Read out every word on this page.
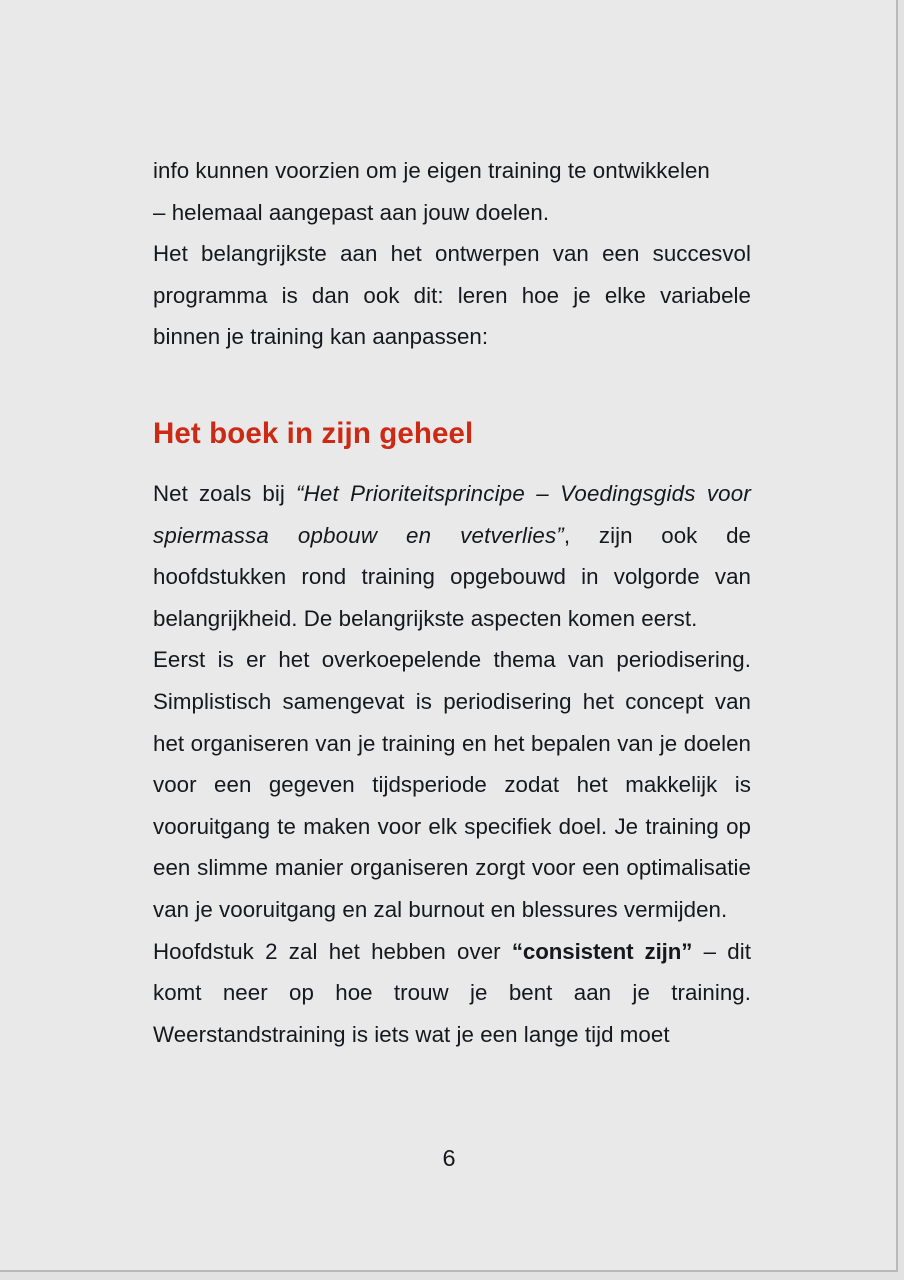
info kunnen voorzien om je eigen training te ontwikkelen
– helemaal aangepast aan jouw doelen.

Het belangrijkste aan het ontwerpen van een succesvol programma is dan ook dit: leren hoe je elke variabele binnen je training kan aanpassen:

Het boek in zijn geheel

Net zoals bij “Het Prioriteitsprincipe – Voedingsgids voor spiermassa opbouw en vetverlies”, zijn ook de hoofdstukken rond training opgebouwd in volgorde van belangrijkheid. De belangrijkste aspecten komen eerst.

Eerst is er het overkoepelende thema van periodisering. Simplistisch samengevat is periodisering het concept van het organiseren van je training en het bepalen van je doelen voor een gegeven tijdsperiode zodat het makkelijk is vooruitgang te maken voor elk specifiek doel. Je training op een slimme manier organiseren zorgt voor een optimalisatie van je vooruitgang en zal burnout en blessures vermijden.

Hoofdstuk 2 zal het hebben over “consistent zijn” – dit komt neer op hoe trouw je bent aan je training. Weerstandstraining is iets wat je een lange tijd moet

6
